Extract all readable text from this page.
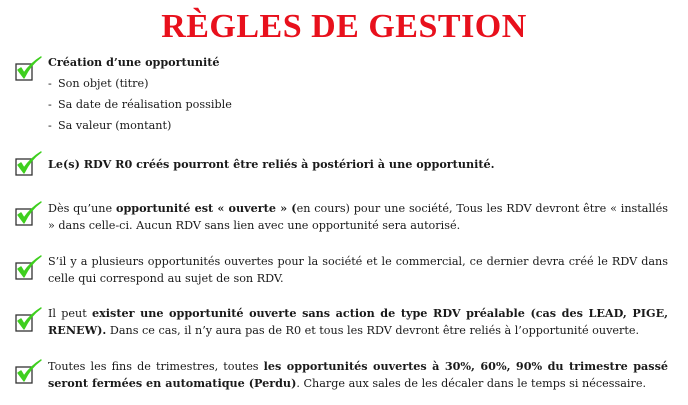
RÈGLES DE GESTION
Création d’une opportunité
- Son objet (titre)
- Sa date de réalisation possible
- Sa valeur (montant)
Le(s) RDV R0 créés pourront être reliés à postériori à une opportunité.
Dès qu’une opportunité est « ouverte » (en cours) pour une société, Tous les RDV devront être « installés » dans celle-ci. Aucun RDV sans lien avec une opportunité sera autorisé.
S’il y a plusieurs opportunités ouvertes pour la société et le commercial, ce dernier devra créé le RDV dans celle qui correspond au sujet de son RDV.
Il peut exister une opportunité ouverte sans action de type RDV préalable (cas des LEAD, PIGE, RENEW). Dans ce cas, il n’y aura pas de R0 et tous les RDV devront être reliés à l’opportunité ouverte.
Toutes les fins de trimestres, toutes les opportunités ouvertes à 30%, 60%, 90% du trimestre passé seront fermées en automatique (Perdu). Charge aux sales de les décaler dans le temps si nécessaire.
